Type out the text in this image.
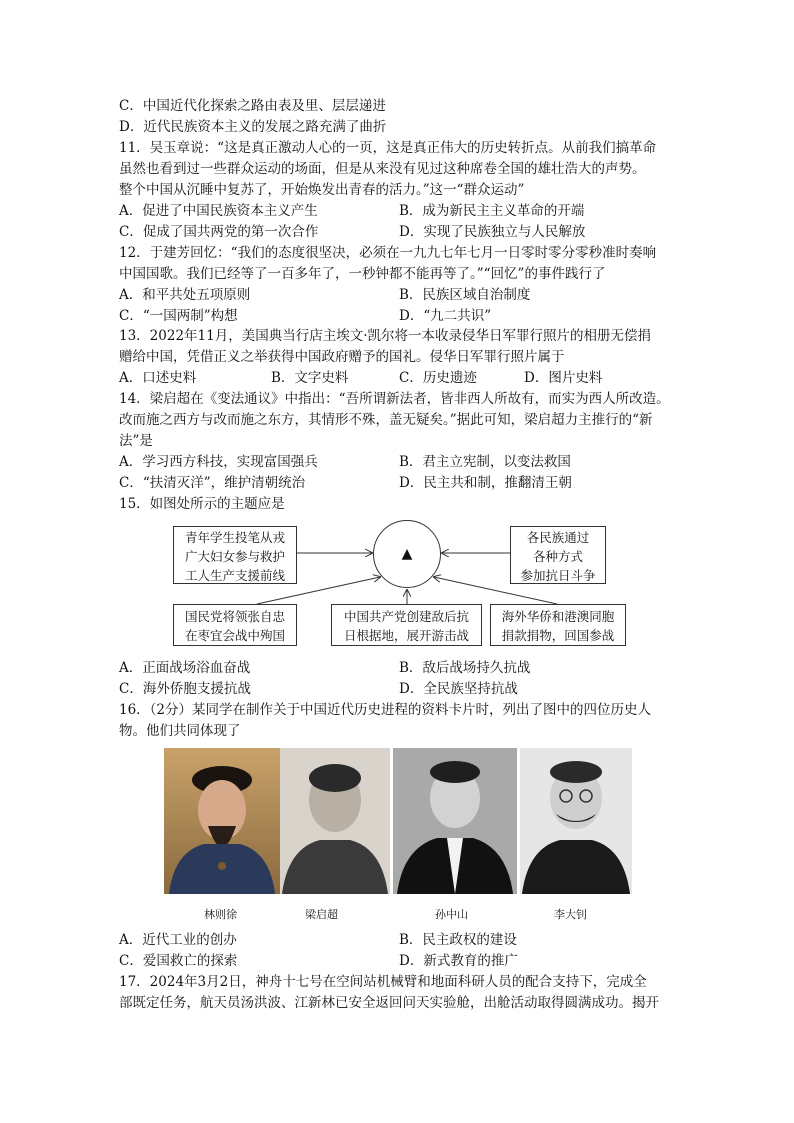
C．中国近代化探索之路由表及里、层层递进
D．近代民族资本主义的发展之路充满了曲折
11．吴玉章说：“这是真正激动人心的一页，这是真正伟大的历史转折点。从前我们搞革命
虽然也看到过一些群众运动的场面，但是从来没有见过这种席卷全国的雄壮浩大的声势。
整个中国从沉睡中复苏了，开始焕发出青春的活力。”这一“群众运动”
A．促进了中国民族资本主义产生	B．成为新民主主义革命的开端
C．促成了国共两党的第一次合作	D．实现了民族独立与人民解放
12．于建芳回忆：“我们的态度很坚决，必须在一九九七年七月一日零时零分零秒准时奏响
中国国歌。我们已经等了一百多年了，一秒钟都不能再等了。”“回忆”的事件践行了
A．和平共处五项原则	B．民族区域自治制度
C．“一国两制”构想	D．“九二共识”
13．2022年11月，美国典当行店主埃文·凯尔将一本收录侵华日军罪行照片的相册无偿捐
赠给中国，凭借正义之举获得中国政府赠予的国礼。侵华日军罪行照片属于
A．口述史料	B．文字史料	C．历史遗迹	D．图片史料
14．梁启超在《变法通议》中指出：“吾所谓新法者，皆非西人所故有，而实为西人所改造。
改而施之西方与改而施之东方，其情形不殊，盖无疑矣。”据此可知，梁启超力主推行的“新
法”是
A．学习西方科技，实现富国强兵	B．君主立宪制，以变法救国
C．“扶清灭洋”，维护清朝统治	D．民主共和制，推翻清王朝
15．如图处所示的主题应是
青年学生投笔从戎
广大妇女参与救护
工人生产支援前线
各民族通过
各种方式
参加抗日斗争
▲
国民党将领张自忠
在枣宜会战中殉国
中国共产党创建敌后抗
日根据地，展开游击战
海外华侨和港澳同胞
捐款捐物，回国参战
A．正面战场浴血奋战	B．敌后战场持久抗战
C．海外侨胞支援抗战	D．全民族坚持抗战
16．（2分）某同学在制作关于中国近代历史进程的资料卡片时，列出了图中的四位历史人
物。他们共同体现了
林则徐	梁启超	孙中山	李大钊
A．近代工业的创办	B．民主政权的建设
C．爱国救亡的探索	D．新式教育的推广
17．2024年3月2日，神舟十七号在空间站机械臂和地面科研人员的配合支持下，完成全
部既定任务，航天员汤洪波、江新林已安全返回问天实验舱，出舱活动取得圆满成功。揭开
